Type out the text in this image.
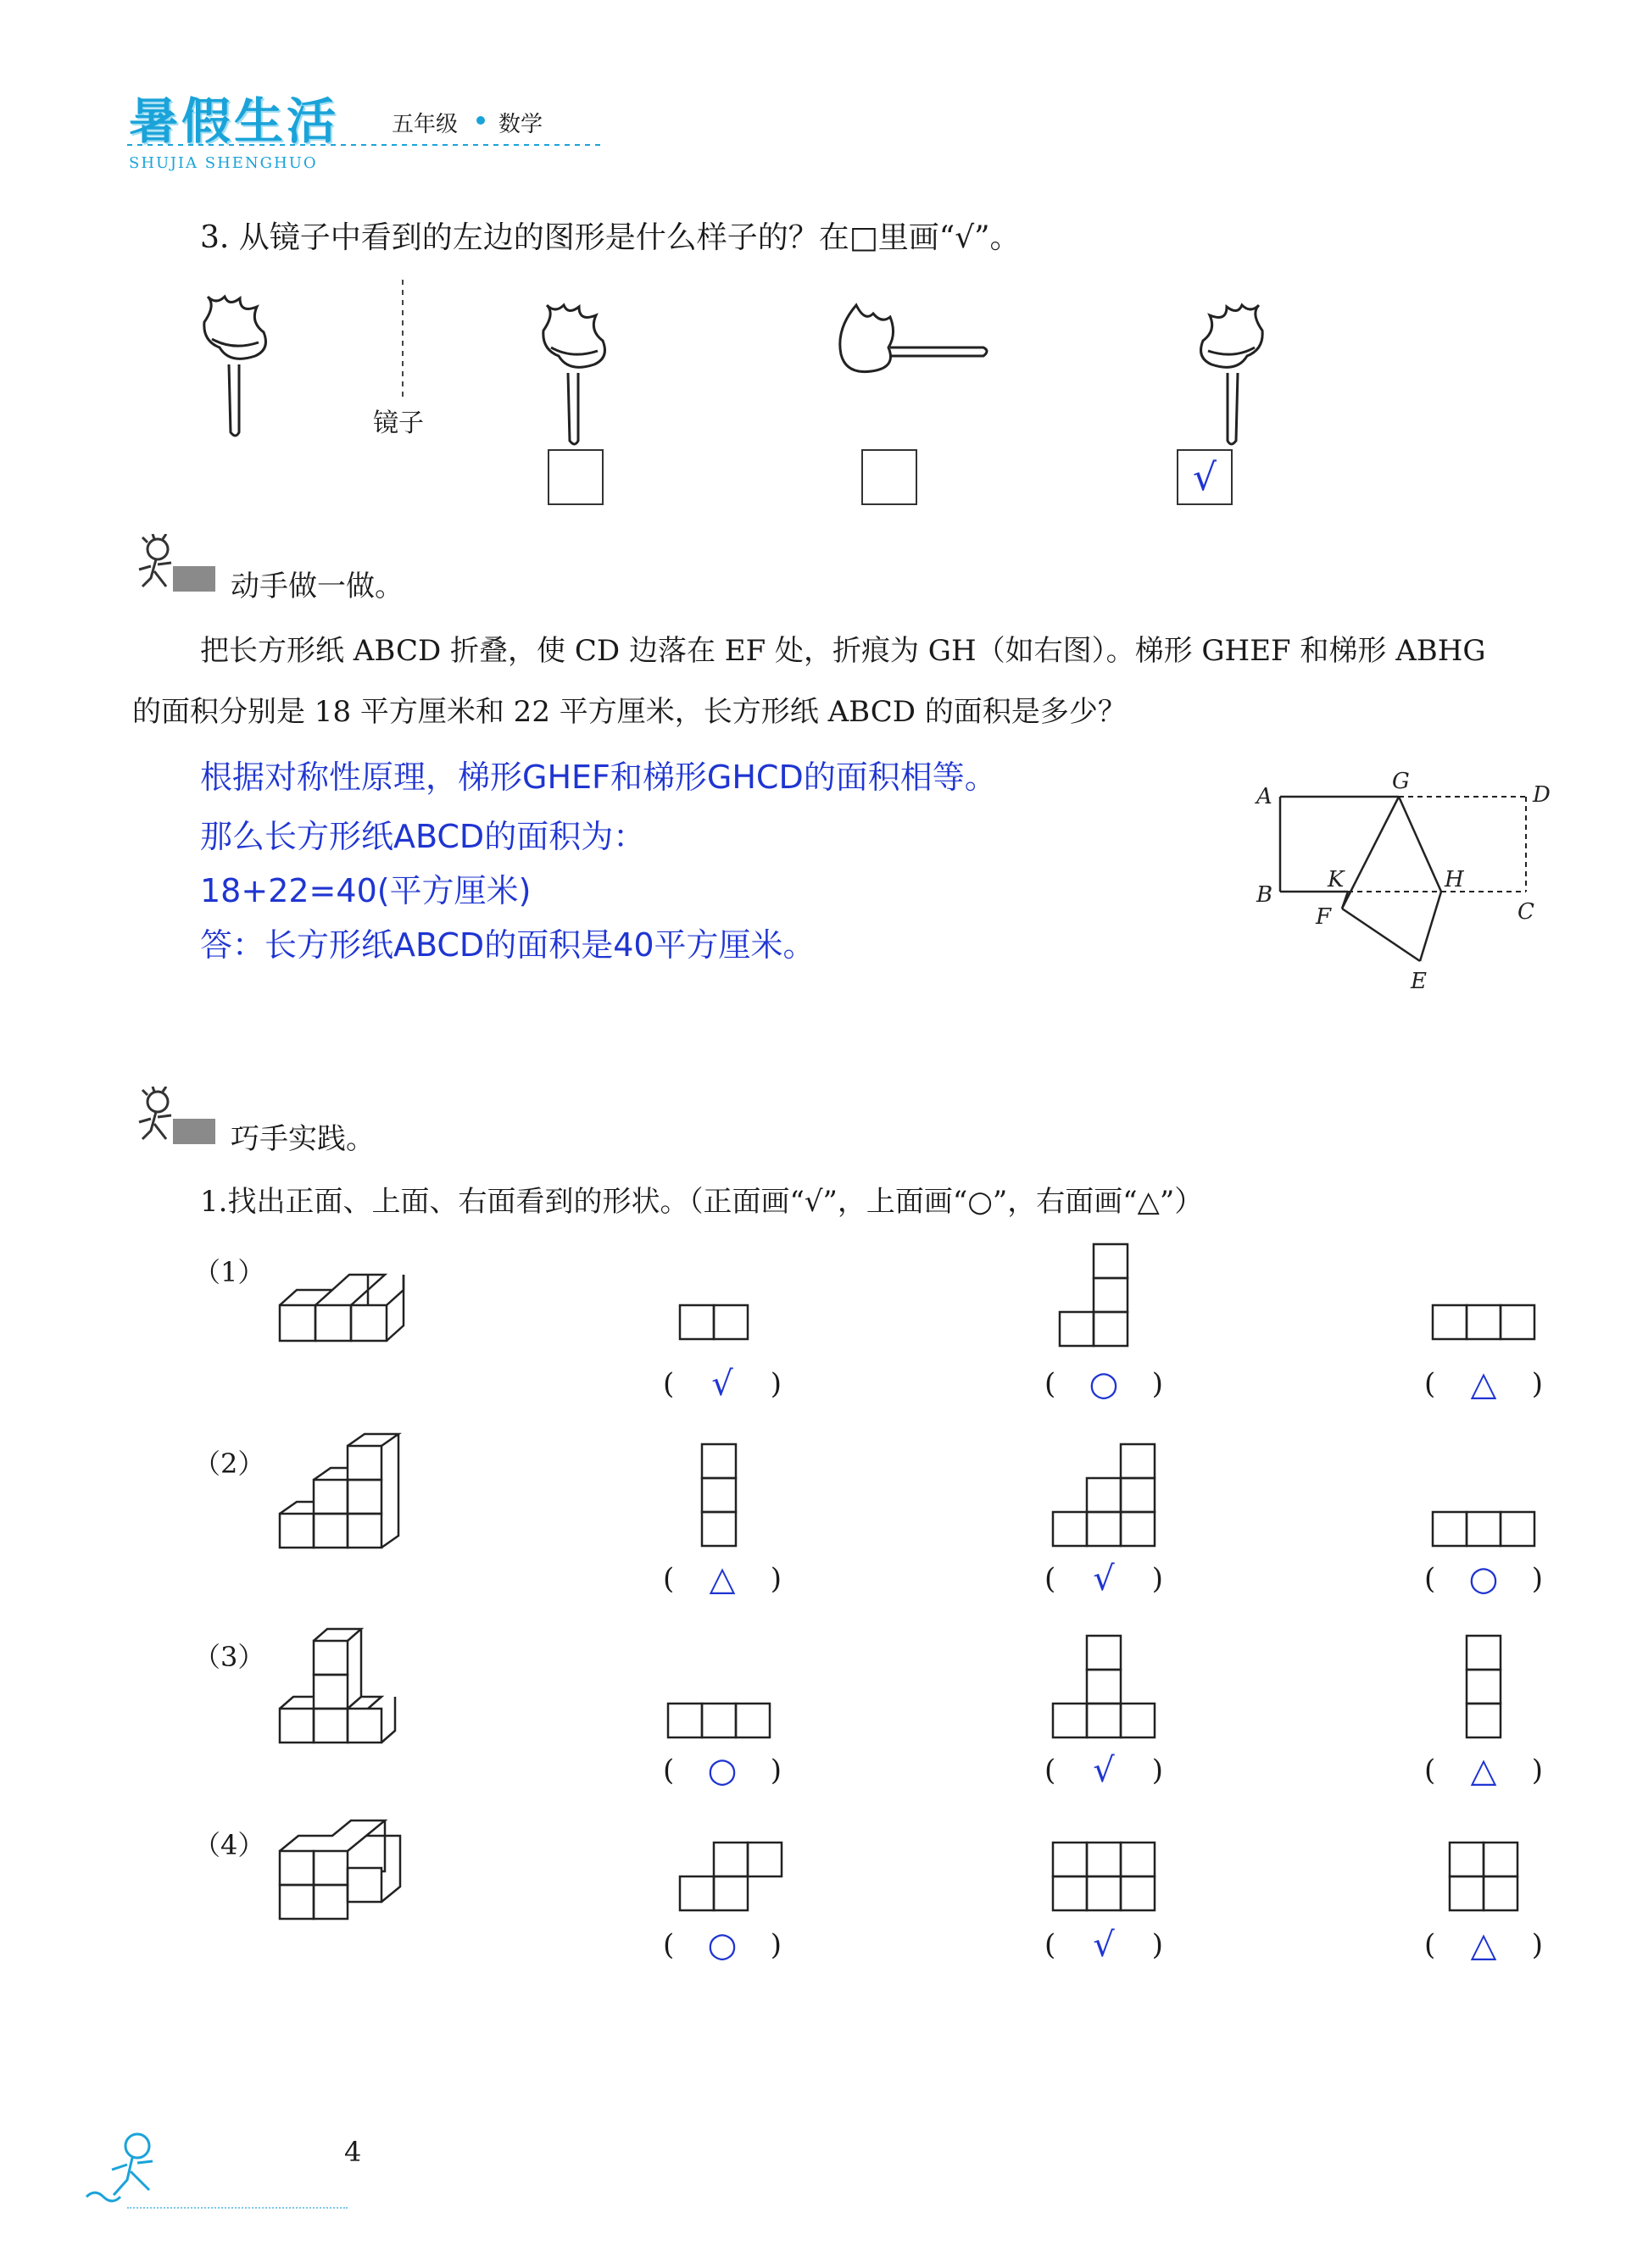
暑假生活 五年级 数学
SHUJIA SHENGHUO
3. 从镜子中看到的左边的图形是什么样子的？在□里画“√”。
镜子
√
动手做一做。
把长方形纸 ABCD 折叠，使 CD 边落在 EF 处，折痕为 GH（如右图）。梯形 GHEF 和梯形 ABHG
的面积分别是 18 平方厘米和 22 平方厘米，长方形纸 ABCD 的面积是多少？
根据对称性原理，梯形GHEF和梯形GHCD的面积相等。
那么长方形纸ABCD的面积为：
18+22=40(平方厘米)
答：长方形纸ABCD的面积是40平方厘米。
A
G
D
B
K	H
C
F
E
巧手实践。
1.找出正面、上面、右面看到的形状。（正面画“√”，上面画“○”，右面画“△”）
（1）
（2）
（3）
（4）
( √ )	( ○ )	( △ )
( △ )	( √ )	( ○ )
( ○ )	( √ )	( △ )
( ○ )	( √ )	( △ )
4
